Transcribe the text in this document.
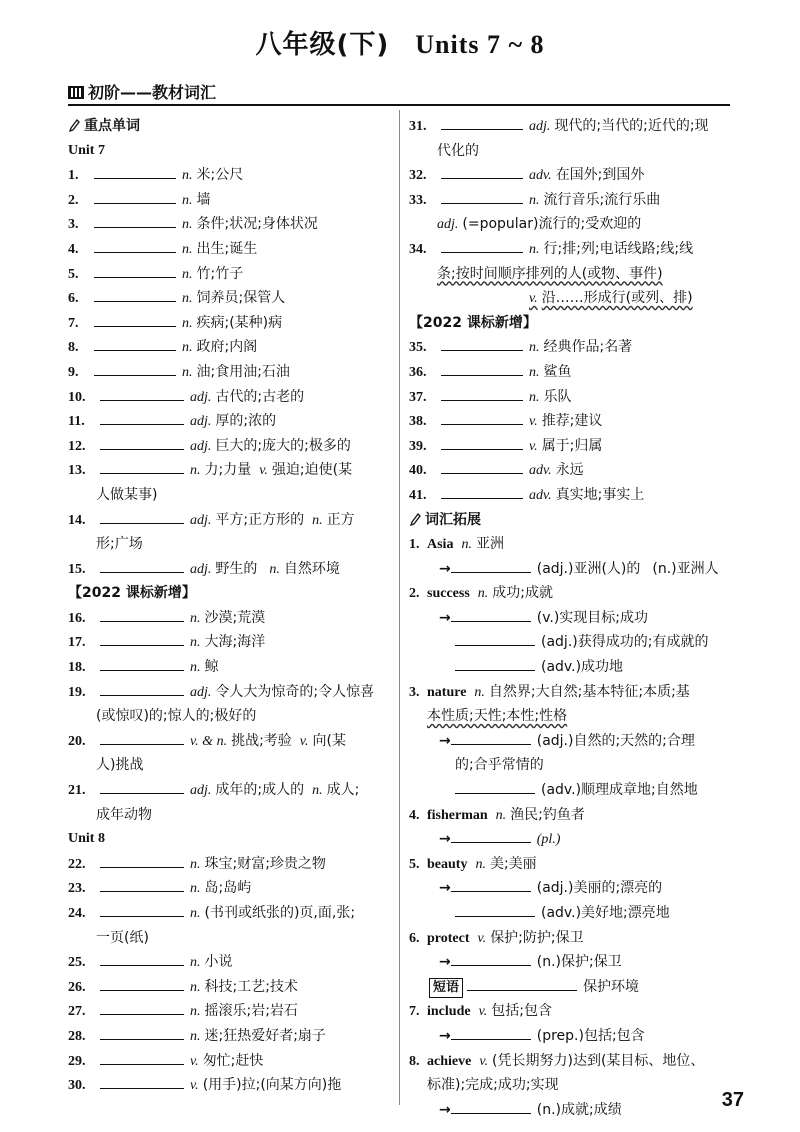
八年级(下) Units 7 ~ 8
初阶——教材词汇
重点单词
Unit 7
1.	n. 米;公尺
2.	n. 墙
3.	n. 条件;状况;身体状况
4.	n. 出生;诞生
5.	n. 竹;竹子
6.	n. 饲养员;保管人
7.	n. 疾病;(某种)病
8.	n. 政府;内阁
9.	n. 油;食用油;石油
10.	adj. 古代的;古老的
11.	adj. 厚的;浓的
12.	adj. 巨大的;庞大的;极多的
13.	n. 力;力量 v. 强迫;迫使(某
人做某事)
14.	adj. 平方;正方形的 n. 正方
形;广场
15.	adj. 野生的 n. 自然环境
【2022 课标新增】
16.	n. 沙漠;荒漠
17.	n. 大海;海洋
18.	n. 鲸
19.	adj. 令人大为惊奇的;令人惊喜
(或惊叹)的;惊人的;极好的
20.	v. & n. 挑战;考验 v. 向(某
人)挑战
21.	adj. 成年的;成人的 n. 成人;
成年动物
Unit 8
22.	n. 珠宝;财富;珍贵之物
23.	n. 岛;岛屿
24.	n. (书刊或纸张的)页,面,张;
一页(纸)
25.	n. 小说
26.	n. 科技;工艺;技术
27.	n. 摇滚乐;岩;岩石
28.	n. 迷;狂热爱好者;扇子
29.	v. 匆忙;赶快
30.	v. (用手)拉;(向某方向)拖
31.	adj. 现代的;当代的;近代的;现
代化的
32.	adv. 在国外;到国外
33.	n. 流行音乐;流行乐曲
adj. (=popular)流行的;受欢迎的
34.	n. 行;排;列;电话线路;线;线
条;按时间顺序排列的人(或物、事件)
v. 沿……形成行(或列、排)
【2022 课标新增】
35.	n. 经典作品;名著
36.	n. 鲨鱼
37.	n. 乐队
38.	v. 推荐;建议
39.	v. 属于;归属
40.	adv. 永远
41.	adv. 真实地;事实上
词汇拓展
1. Asia n. 亚洲
→	(adj.)亚洲(人)的 (n.)亚洲人
2. success n. 成功;成就
→	(v.)实现目标;成功
(adj.)获得成功的;有成就的
(adv.)成功地
3. nature n. 自然界;大自然;基本特征;本质;基
本性质;天性;本性;性格
→	(adj.)自然的;天然的;合理
的;合乎常情的
(adv.)顺理成章地;自然地
4. fisherman n. 渔民;钓鱼者
→	(pl.)
5. beauty n. 美;美丽
→	(adj.)美丽的;漂亮的
(adv.)美好地;漂亮地
6. protect v. 保护;防护;保卫
→	(n.)保护;保卫
短语	保护环境
7. include v. 包括;包含
→	(prep.)包括;包含
8. achieve v. (凭长期努力)达到(某目标、地位、
标准);完成;成功;实现
→	(n.)成就;成绩	37
